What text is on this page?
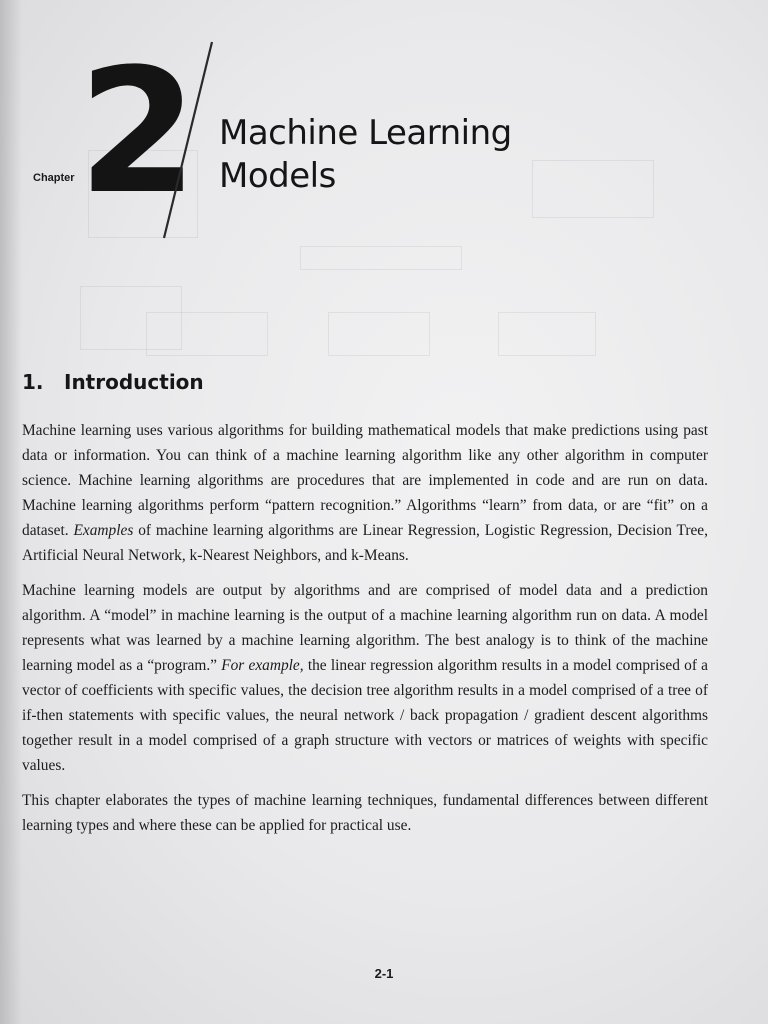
2
Chapter
Machine Learning
Models
1. Introduction

Machine learning uses various algorithms for building mathematical models that make predictions using past data or information. You can think of a machine learning algorithm like any other algorithm in computer science. Machine learning algorithms are procedures that are implemented in code and are run on data. Machine learning algorithms perform “pattern recognition.” Algorithms “learn” from data, or are “fit” on a dataset. Examples of machine learning algorithms are Linear Regression, Logistic Regression, Decision Tree, Artificial Neural Network, k-Nearest Neighbors, and k-Means.

Machine learning models are output by algorithms and are comprised of model data and a prediction algorithm. A “model” in machine learning is the output of a machine learning algorithm run on data. A model represents what was learned by a machine learning algorithm. The best analogy is to think of the machine learning model as a “program.” For example, the linear regression algorithm results in a model comprised of a vector of coefficients with specific values, the decision tree algorithm results in a model comprised of a tree of if-then statements with specific values, the neural network / back propagation / gradient descent algorithms together result in a model comprised of a graph structure with vectors or matrices of weights with specific values.

This chapter elaborates the types of machine learning techniques, fundamental differences between different learning types and where these can be applied for practical use.

2-1
